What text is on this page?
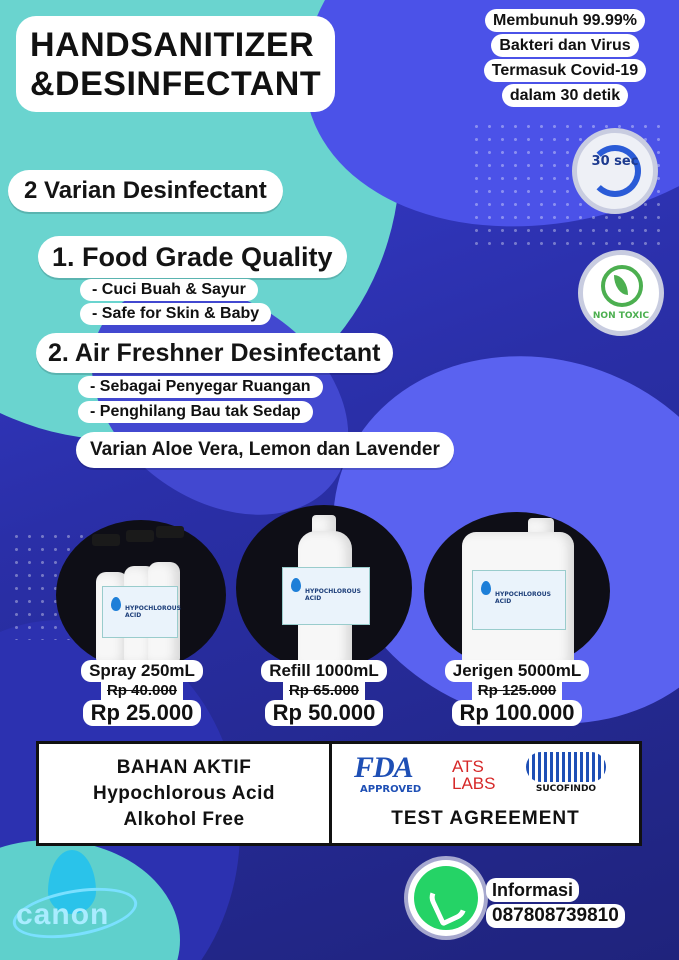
HANDSANITIZER
&DESINFECTANT
Membunuh 99.99%
Bakteri dan Virus
Termasuk Covid-19
dalam 30 detik
30 sec
NON TOXIC
2 Varian Desinfectant
1. Food Grade Quality
- Cuci Buah & Sayur
- Safe for Skin & Baby
2. Air Freshner Desinfectant
- Sebagai Penyegar Ruangan
- Penghilang Bau tak Sedap
Varian Aloe Vera, Lemon dan Lavender
HYPOCHLOROUS ACID
HYPOCHLOROUS ACID
HYPOCHLOROUS ACID
Spray 250mL
Rp 40.000
Rp 25.000
Refill 1000mL
Rp 65.000
Rp 50.000
Jerigen 5000mL
Rp 125.000
Rp 100.000
BAHAN AKTIF
Hypochlorous Acid
Alkohol Free
FDA
APPROVED
ATS
LABS	SUCOFINDO
TEST AGREEMENT
canon
Informasi
087808739810
